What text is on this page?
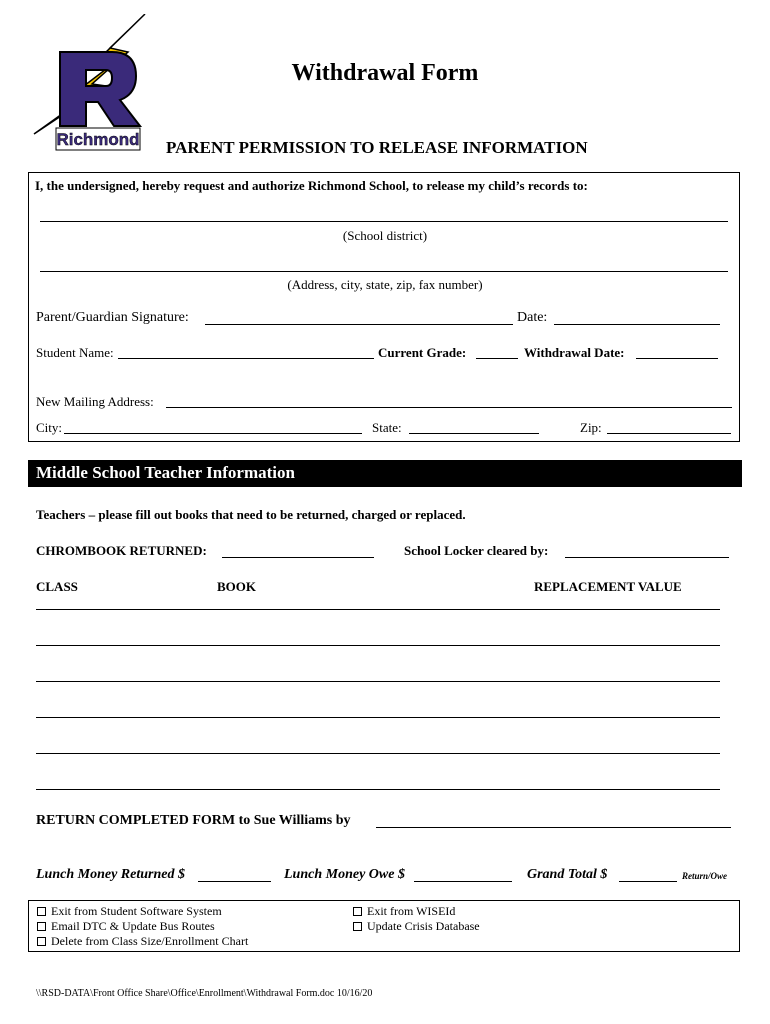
Richmond
Withdrawal Form
PARENT PERMISSION TO RELEASE INFORMATION
I, the undersigned, hereby request and authorize Richmond School, to release my child’s records to:
(School district)
(Address, city, state, zip, fax number)
Parent/Guardian Signature:	Date:
Student Name:	Current Grade:	Withdrawal Date:
New Mailing Address:
City:	State:	Zip:
Middle School Teacher Information
Teachers – please fill out books that need to be returned, charged or replaced.
CHROMBOOK RETURNED:	School Locker cleared by:
CLASS	BOOK	REPLACEMENT VALUE
RETURN COMPLETED FORM to Sue Williams by
Lunch Money Returned $	Lunch Money Owe $	Grand Total $	Return/Owe
Exit from Student Software System
Email DTC & Update Bus Routes
Delete from Class Size/Enrollment Chart
Exit from WISEId
Update Crisis Database
\\RSD-DATA\Front Office Share\Office\Enrollment\Withdrawal Form.doc 10/16/20
